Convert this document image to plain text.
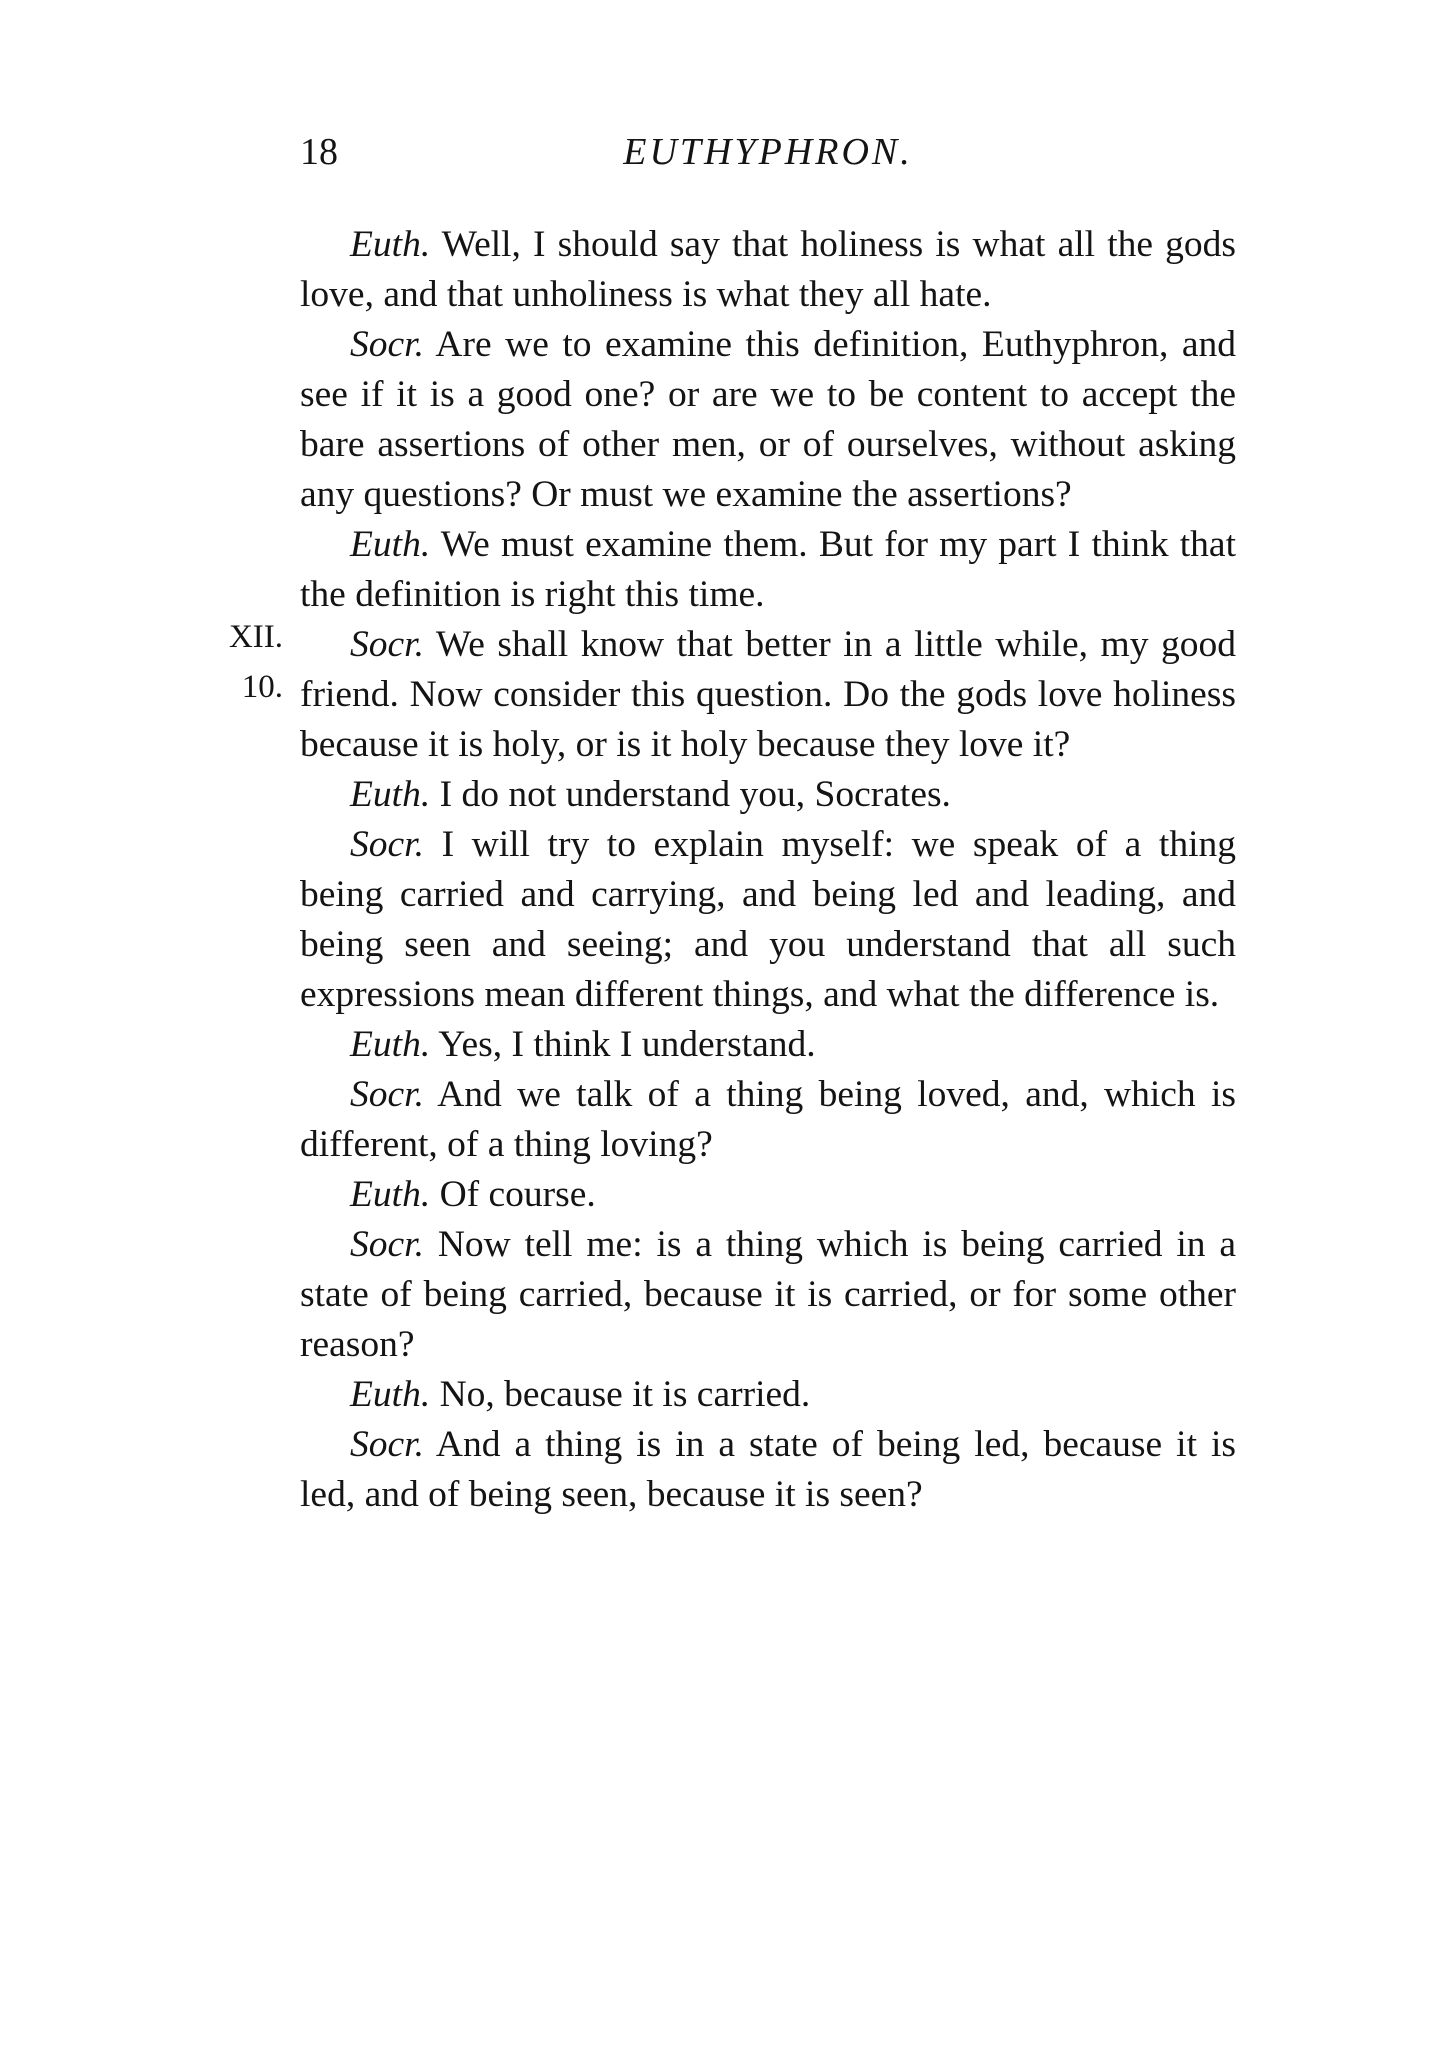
18	EUTHYPHRON.

Euth. Well, I should say that holiness is what all the gods love, and that unholiness is what they all hate.

Socr. Are we to examine this definition, Euthyphron, and see if it is a good one? or are we to be content to accept the bare assertions of other men, or of ourselves, without asking any questions? Or must we examine the assertions?

Euth. We must examine them. But for my part I think that the definition is right this time.

XII.
10.
Socr. We shall know that better in a little while, my good friend. Now consider this question. Do the gods love holiness because it is holy, or is it holy because they love it?

Euth. I do not understand you, Socrates.

Socr. I will try to explain myself: we speak of a thing being carried and carrying, and being led and leading, and being seen and seeing; and you understand that all such expressions mean different things, and what the difference is.

Euth. Yes, I think I understand.

Socr. And we talk of a thing being loved, and, which is different, of a thing loving?

Euth. Of course.

Socr. Now tell me: is a thing which is being carried in a state of being carried, because it is carried, or for some other reason?

Euth. No, because it is carried.

Socr. And a thing is in a state of being led, because it is led, and of being seen, because it is seen?
